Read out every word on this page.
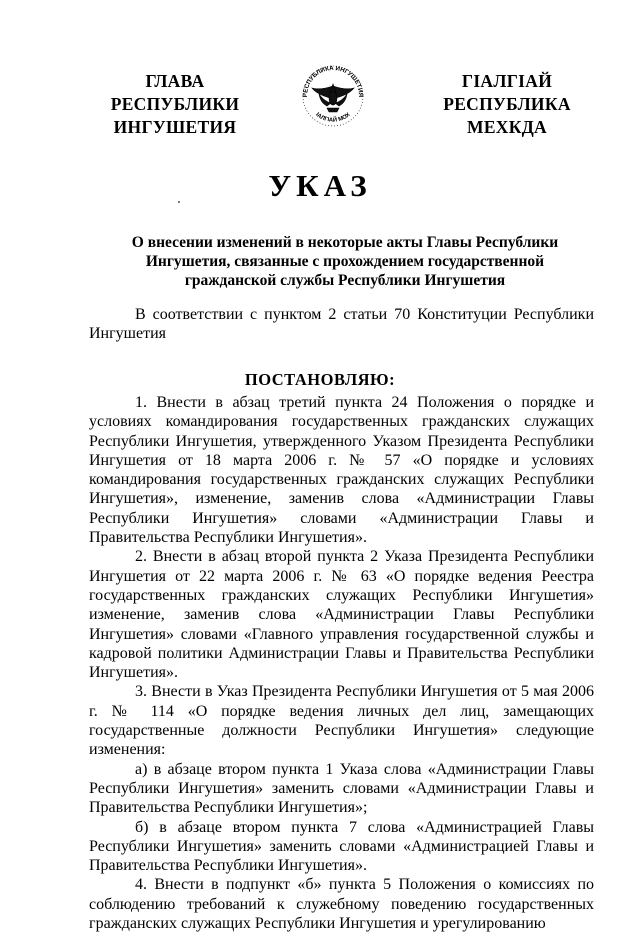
ГЛАВА
РЕСПУБЛИКИ
ИНГУШЕТИЯ
РЕСПУБЛИКА ИНГУШЕТИЯ
IАЛГIАЙ МОХ
ГIАЛГIАЙ
РЕСПУБЛИКА
МЕХКДА
УКАЗ
О внесении изменений в некоторые акты Главы Республики Ингушетия, связанные с прохождением государственной гражданской службы Республики Ингушетия

В соответствии с пунктом 2 статьи 70 Конституции Республики Ингушетия

ПОСТАНОВЛЯЮ:

1. Внести в абзац третий пункта 24 Положения о порядке и условиях командирования государственных гражданских служащих Республики Ингушетия, утвержденного Указом Президента Республики Ингушетия от 18 марта 2006 г. № 57 «О порядке и условиях командирования государственных гражданских служащих Республики Ингушетия», изменение, заменив слова «Администрации Главы Республики Ингушетия» словами «Администрации Главы и Правительства Республики Ингушетия».

2. Внести в абзац второй пункта 2 Указа Президента Республики Ингушетия от 22 марта 2006 г. № 63 «О порядке ведения Реестра государственных гражданских служащих Республики Ингушетия» изменение, заменив слова «Администрации Главы Республики Ингушетия» словами «Главного управления государственной службы и кадровой политики Администрации Главы и Правительства Республики Ингушетия».

3. Внести в Указ Президента Республики Ингушетия от 5 мая 2006 г. № 114 «О порядке ведения личных дел лиц, замещающих государственные должности Республики Ингушетия» следующие изменения:

а) в абзаце втором пункта 1 Указа слова «Администрации Главы Республики Ингушетия» заменить словами «Администрации Главы и Правительства Республики Ингушетия»;

б) в абзаце втором пункта 7 слова «Администрацией Главы Республики Ингушетия» заменить словами «Администрацией Главы и Правительства Республики Ингушетия».

4. Внести в подпункт «б» пункта 5 Положения о комиссиях по соблюдению требований к служебному поведению государственных гражданских служащих Республики Ингушетия и урегулированию
